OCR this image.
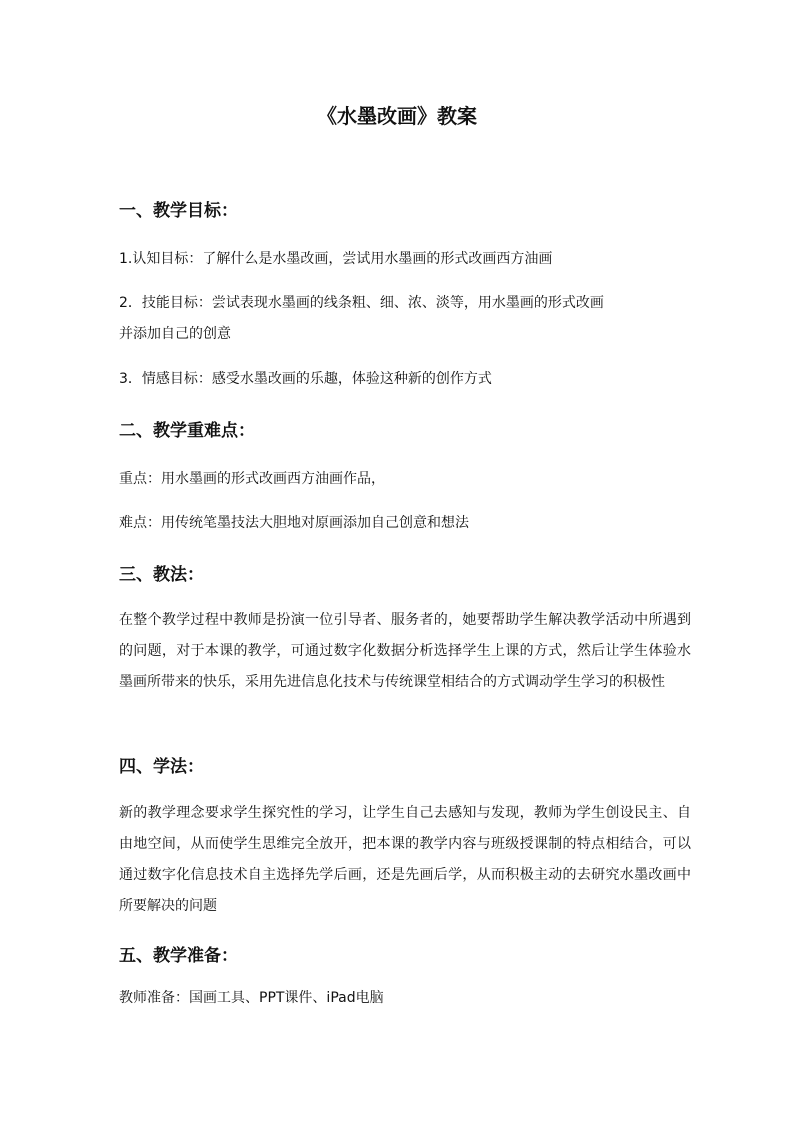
《水墨改画》教案
一、教学目标：
1.认知目标：了解什么是水墨改画，尝试用水墨画的形式改画西方油画
2．技能目标：尝试表现水墨画的线条粗、细、浓、淡等，用水墨画的形式改画
并添加自己的创意
3．情感目标：感受水墨改画的乐趣，体验这种新的创作方式
二、教学重难点：
重点：用水墨画的形式改画西方油画作品，
难点：用传统笔墨技法大胆地对原画添加自己创意和想法
三、教法：
在整个教学过程中教师是扮演一位引导者、服务者的，她要帮助学生解决教学活动中所遇到的问题，对于本课的教学，可通过数字化数据分析选择学生上课的方式，然后让学生体验水墨画所带来的快乐，采用先进信息化技术与传统课堂相结合的方式调动学生学习的积极性
四、学法：
新的教学理念要求学生探究性的学习，让学生自己去感知与发现，教师为学生创设民主、自由地空间，从而使学生思维完全放开，把本课的教学内容与班级授课制的特点相结合，可以通过数字化信息技术自主选择先学后画，还是先画后学，从而积极主动的去研究水墨改画中所要解决的问题
五、教学准备：
教师准备：国画工具、PPT课件、iPad电脑
